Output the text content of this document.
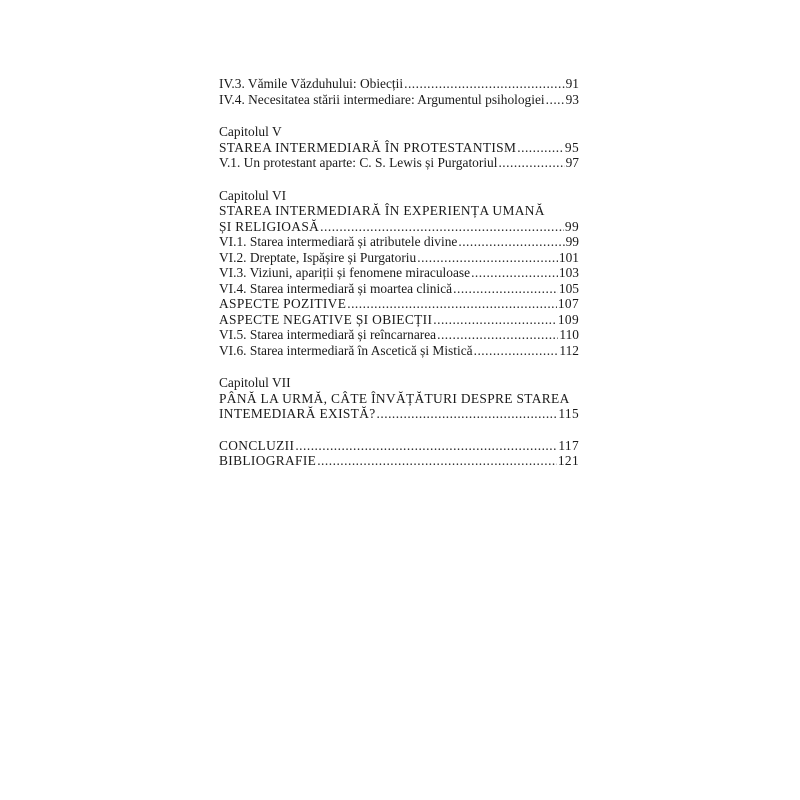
IV.3. Vămile Văzduhului: Obiecții .....	91
IV.4. Necesitatea stării intermediare: Argumentul psihologiei ..... 93
Capitolul V
STAREA INTERMEDIARĂ ÎN PROTESTANTISM .....	95
V.1. Un protestant aparte: C. S. Lewis și Purgatoriul .....	97
Capitolul VI
STAREA INTERMEDIARĂ ÎN EXPERIENȚA UMANĂ
ȘI RELIGIOASĂ .....	99
VI.1. Starea intermediară și atributele divine .....	99
VI.2. Dreptate, Ispășire și Purgatoriu .....	101
VI.3. Viziuni, apariții și fenomene miraculoase .....	103
VI.4. Starea intermediară și moartea clinică .....	105
ASPECTE POZITIVE .....	107
ASPECTE NEGATIVE ȘI OBIECȚII .....	109
VI.5. Starea intermediară și reîncarnarea .....	110
VI.6. Starea intermediară în Ascetică și Mistică .....	112
Capitolul VII
PÂNĂ LA URMĂ, CÂTE ÎNVĂȚĂTURI DESPRE STAREA
INTEMEDIARĂ EXISTĂ? .....	115
CONCLUZII .....	117
BIBLIOGRAFIE .....	121
